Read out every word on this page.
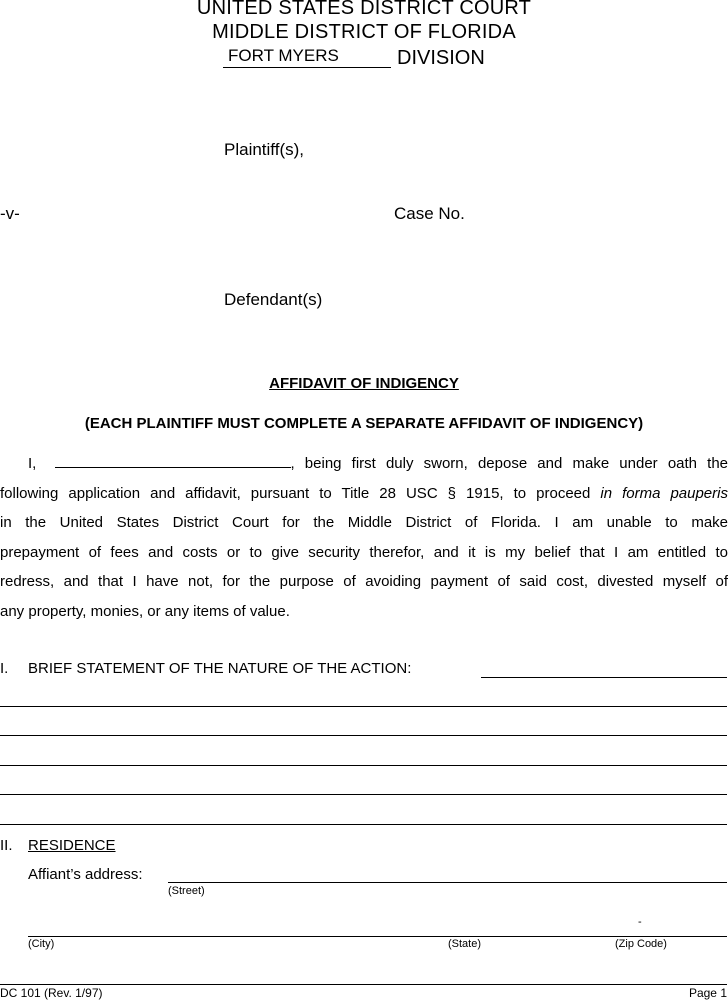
UNITED STATES DISTRICT COURT
MIDDLE DISTRICT OF FLORIDA
FORT MYERS	DIVISION
Plaintiff(s),
-v-	Case No.
Defendant(s)
AFFIDAVIT OF INDIGENCY
(EACH PLAINTIFF MUST COMPLETE A SEPARATE AFFIDAVIT OF INDIGENCY)
I,	, being first duly sworn, depose and make under oath the
following application and affidavit, pursuant to Title 28 USC § 1915, to proceed in forma pauperis
in the United States District Court for the Middle District of Florida. I am unable to make
prepayment of fees and costs or to give security therefor, and it is my belief that I am entitled to
redress, and that I have not, for the purpose of avoiding payment of said cost, divested myself of
any property, monies, or any items of value.
I. BRIEF STATEMENT OF THE NATURE OF THE ACTION:
II. RESIDENCE
Affiant’s address:
(Street)
-
(City)	(State)	(Zip Code)
DC 101 (Rev. 1/97)	Page 1
